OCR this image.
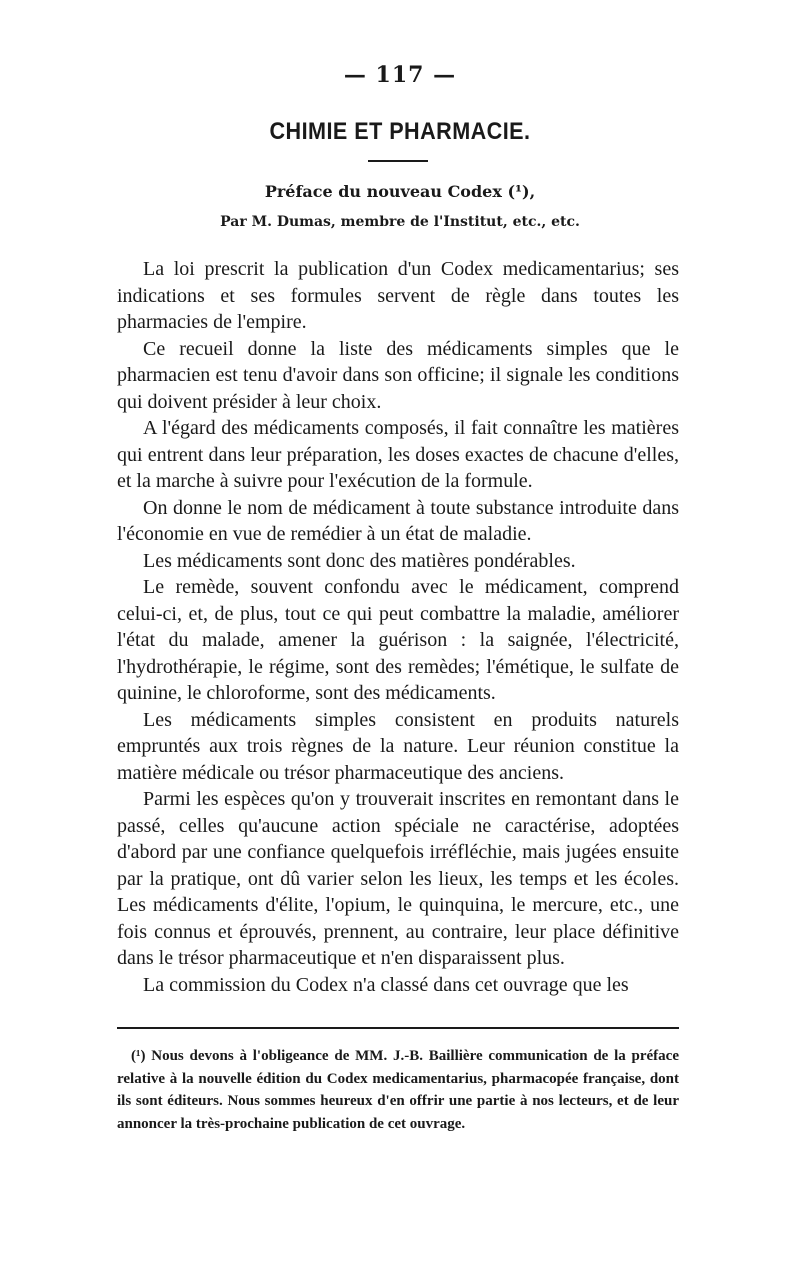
— 117 —
CHIMIE ET PHARMACIE.
Préface du nouveau Codex (¹),
Par M. Dumas, membre de l'Institut, etc., etc.

La loi prescrit la publication d'un Codex medicamentarius; ses indications et ses formules servent de règle dans toutes les pharmacies de l'empire.

Ce recueil donne la liste des médicaments simples que le pharmacien est tenu d'avoir dans son officine; il signale les conditions qui doivent présider à leur choix.

A l'égard des médicaments composés, il fait connaître les matières qui entrent dans leur préparation, les doses exactes de chacune d'elles, et la marche à suivre pour l'exécution de la formule.

On donne le nom de médicament à toute substance introduite dans l'économie en vue de remédier à un état de maladie.

Les médicaments sont donc des matières pondérables.

Le remède, souvent confondu avec le médicament, comprend celui-ci, et, de plus, tout ce qui peut combattre la maladie, améliorer l'état du malade, amener la guérison : la saignée, l'électricité, l'hydrothérapie, le régime, sont des remèdes; l'émétique, le sulfate de quinine, le chloroforme, sont des médicaments.

Les médicaments simples consistent en produits naturels empruntés aux trois règnes de la nature. Leur réunion constitue la matière médicale ou trésor pharmaceutique des anciens.

Parmi les espèces qu'on y trouverait inscrites en remontant dans le passé, celles qu'aucune action spéciale ne caractérise, adoptées d'abord par une confiance quelquefois irréfléchie, mais jugées ensuite par la pratique, ont dû varier selon les lieux, les temps et les écoles. Les médicaments d'élite, l'opium, le quinquina, le mercure, etc., une fois connus et éprouvés, prennent, au contraire, leur place définitive dans le trésor pharmaceutique et n'en disparaissent plus.

La commission du Codex n'a classé dans cet ouvrage que les

(¹) Nous devons à l'obligeance de MM. J.-B. Baillière communication de la préface relative à la nouvelle édition du Codex medicamentarius, pharmacopée française, dont ils sont éditeurs. Nous sommes heureux d'en offrir une partie à nos lecteurs, et de leur annoncer la très-prochaine publication de cet ouvrage.
